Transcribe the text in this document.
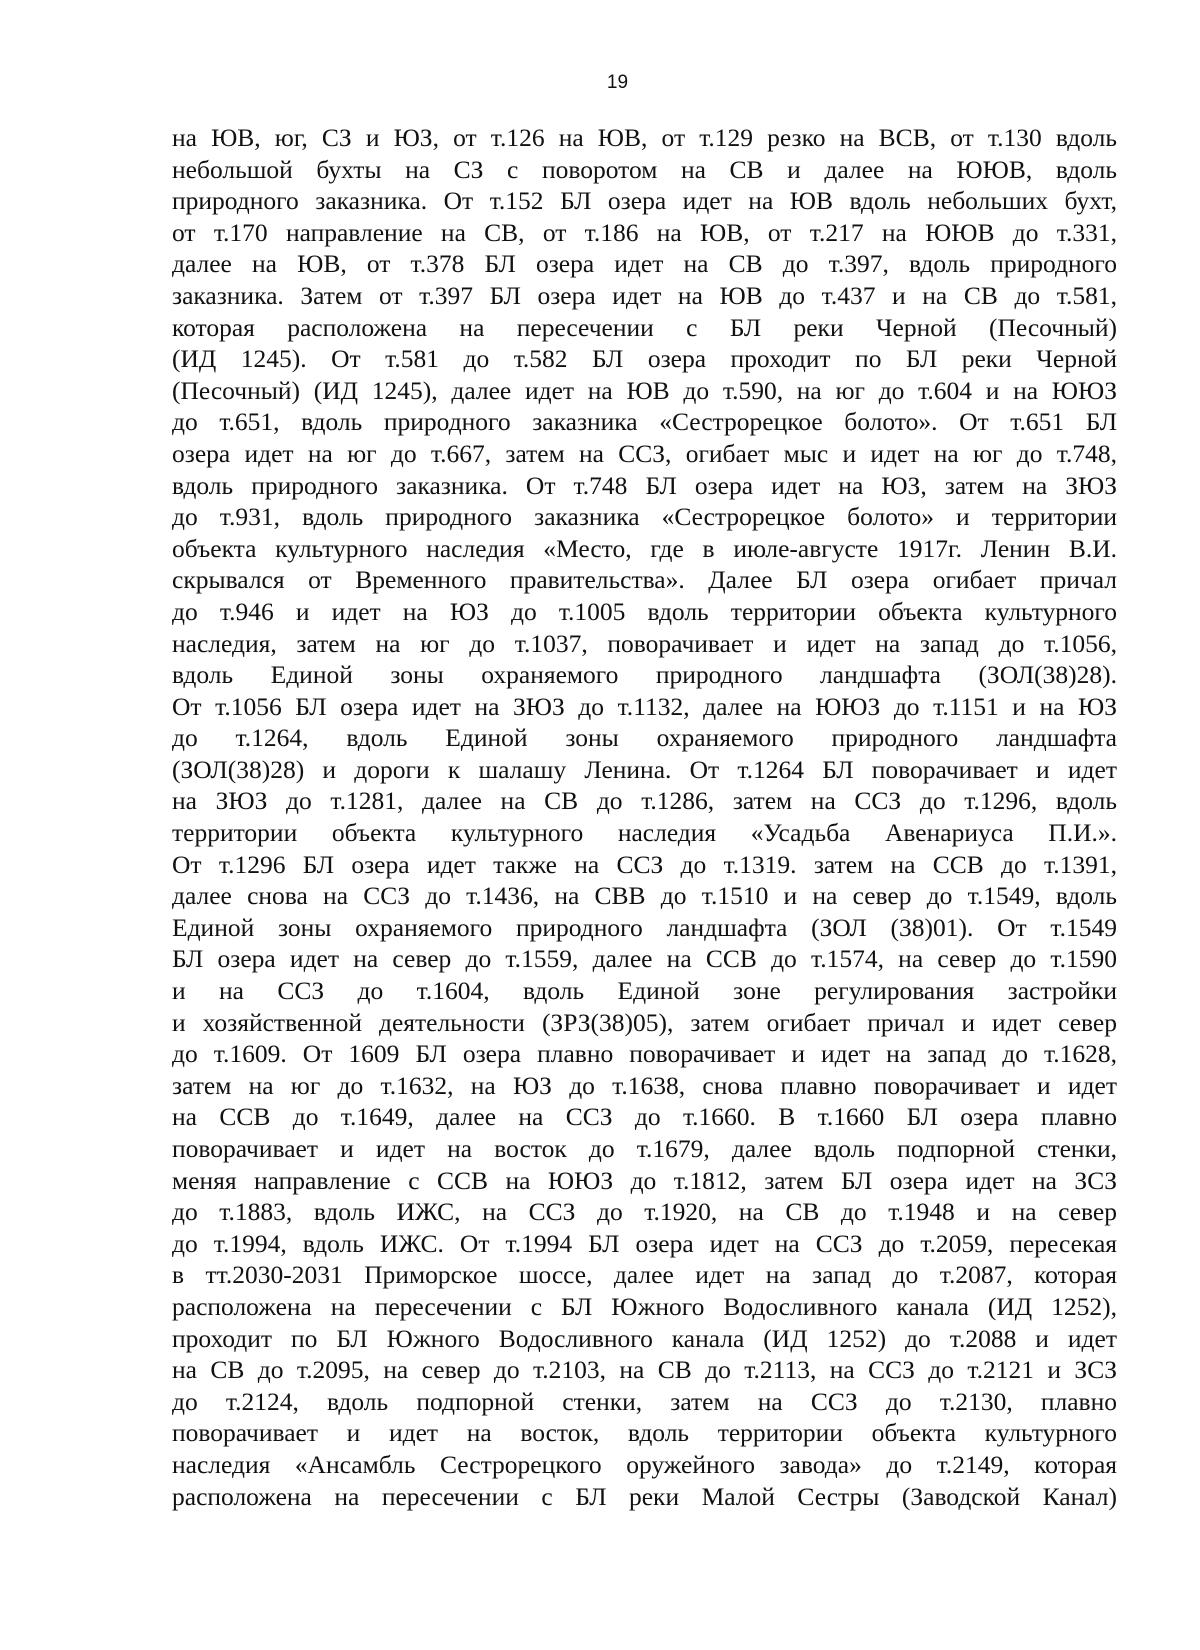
19
на ЮВ, юг, СЗ и ЮЗ, от т.126 на ЮВ, от т.129 резко на ВСВ, от т.130 вдоль
небольшой бухты на СЗ с поворотом на СВ и далее на ЮЮВ, вдоль
природного заказника. От т.152 БЛ озера идет на ЮВ вдоль небольших бухт,
от т.170 направление на СВ, от т.186 на ЮВ, от т.217 на ЮЮВ до т.331,
далее на ЮВ, от т.378 БЛ озера идет на СВ до т.397, вдоль природного
заказника. Затем от т.397 БЛ озера идет на ЮВ до т.437 и на СВ до т.581,
которая расположена на пересечении с БЛ реки Черной (Песочный)
(ИД 1245). От т.581 до т.582 БЛ озера проходит по БЛ реки Черной
(Песочный) (ИД 1245), далее идет на ЮВ до т.590, на юг до т.604 и на ЮЮЗ
до т.651, вдоль природного заказника «Сестрорецкое болото». От т.651 БЛ
озера идет на юг до т.667, затем на ССЗ, огибает мыс и идет на юг до т.748,
вдоль природного заказника. От т.748 БЛ озера идет на ЮЗ, затем на ЗЮЗ
до т.931, вдоль природного заказника «Сестрорецкое болото» и территории
объекта культурного наследия «Место, где в июле-августе 1917г. Ленин В.И.
скрывался от Временного правительства». Далее БЛ озера огибает причал
до т.946 и идет на ЮЗ до т.1005 вдоль территории объекта культурного
наследия, затем на юг до т.1037, поворачивает и идет на запад до т.1056,
вдоль Единой зоны охраняемого природного ландшафта (ЗОЛ(38)28).
От т.1056 БЛ озера идет на ЗЮЗ до т.1132, далее на ЮЮЗ до т.1151 и на ЮЗ
до т.1264, вдоль Единой зоны охраняемого природного ландшафта
(ЗОЛ(38)28) и дороги к шалашу Ленина. От т.1264 БЛ поворачивает и идет
на ЗЮЗ до т.1281, далее на СВ до т.1286, затем на ССЗ до т.1296, вдоль
территории объекта культурного наследия «Усадьба Авенариуса П.И.».
От т.1296 БЛ озера идет также на ССЗ до т.1319. затем на ССВ до т.1391,
далее снова на ССЗ до т.1436, на СВВ до т.1510 и на север до т.1549, вдоль
Единой зоны охраняемого природного ландшафта (ЗОЛ (38)01). От т.1549
БЛ озера идет на север до т.1559, далее на ССВ до т.1574, на север до т.1590
и на ССЗ до т.1604, вдоль Единой зоне регулирования застройки
и хозяйственной деятельности (ЗРЗ(38)05), затем огибает причал и идет север
до т.1609. От 1609 БЛ озера плавно поворачивает и идет на запад до т.1628,
затем на юг до т.1632, на ЮЗ до т.1638, снова плавно поворачивает и идет
на ССВ до т.1649, далее на ССЗ до т.1660. В т.1660 БЛ озера плавно
поворачивает и идет на восток до т.1679, далее вдоль подпорной стенки,
меняя направление с ССВ на ЮЮЗ до т.1812, затем БЛ озера идет на ЗСЗ
до т.1883, вдоль ИЖС, на ССЗ до т.1920, на СВ до т.1948 и на север
до т.1994, вдоль ИЖС. От т.1994 БЛ озера идет на ССЗ до т.2059, пересекая
в тт.2030-2031 Приморское шоссе, далее идет на запад до т.2087, которая
расположена на пересечении с БЛ Южного Водосливного канала (ИД 1252),
проходит по БЛ Южного Водосливного канала (ИД 1252) до т.2088 и идет
на СВ до т.2095, на север до т.2103, на СВ до т.2113, на ССЗ до т.2121 и ЗСЗ
до т.2124, вдоль подпорной стенки, затем на ССЗ до т.2130, плавно
поворачивает и идет на восток, вдоль территории объекта культурного
наследия «Ансамбль Сестрорецкого оружейного завода» до т.2149, которая
расположена на пересечении с БЛ реки Малой Сестры (Заводской Канал)
